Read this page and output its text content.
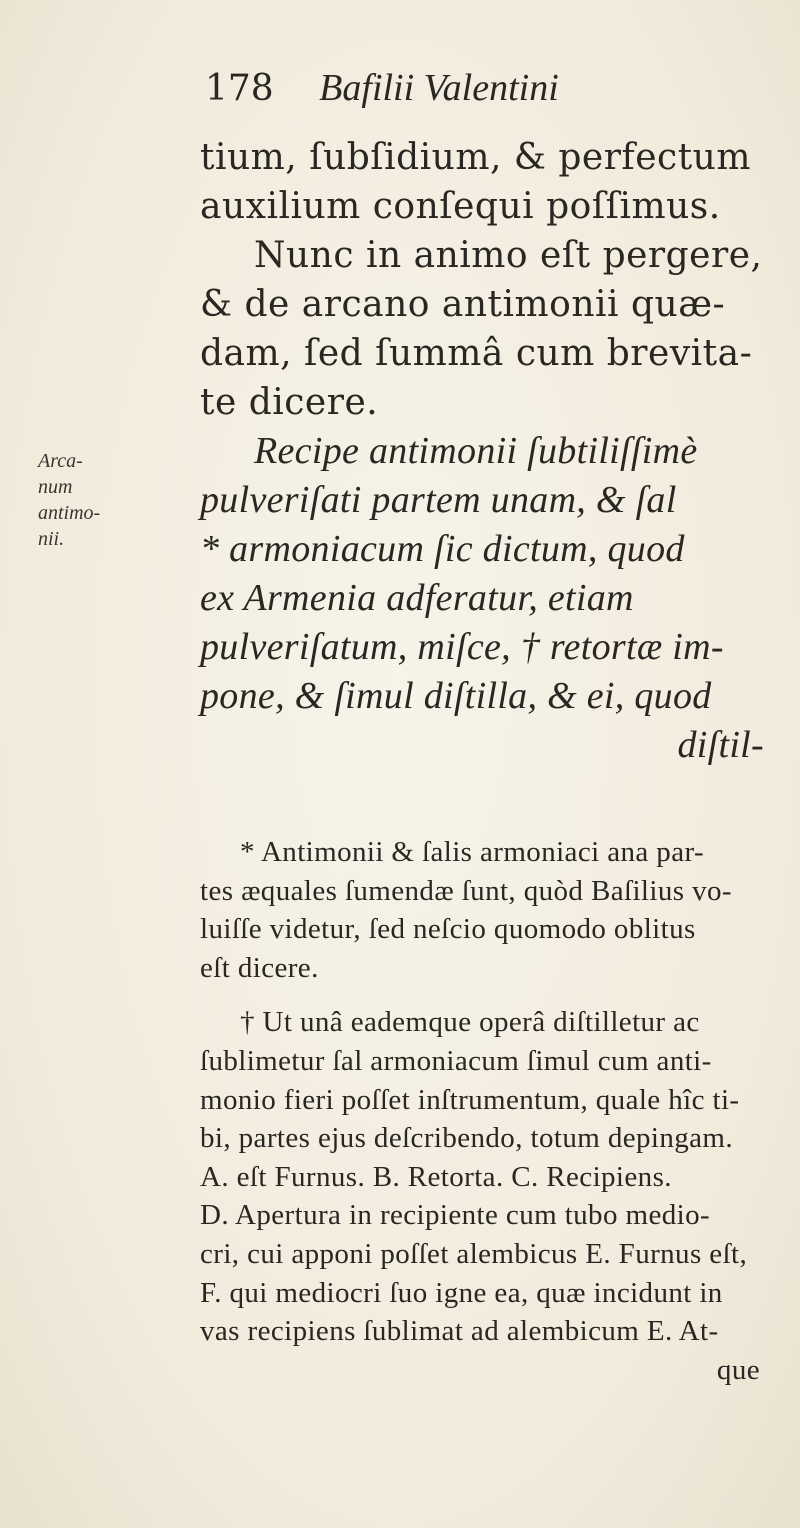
178 Bafilii Valentini
tium, ſubſidium, & perfectum
auxilium conſequi poſſimus.
Nunc in animo eſt pergere,
& de arcano antimonii quæ-
dam, ſed ſummâ cum brevita-
te dicere.
Recipe antimonii ſubtiliſſimè
pulveriſati partem unam, & ſal
* armoniacum ſic dictum, quod
ex Armenia adferatur, etiam
pulveriſatum, miſce, † retortæ im-
pone, & ſimul diſtilla, & ei, quod
diſtil-
Arca-
num
antimo-
nii.
* Antimonii & ſalis armoniaci ana par-
tes æquales ſumendæ ſunt, quòd Baſilius vo-
luiſſe videtur, ſed neſcio quomodo oblitus
eſt dicere.
† Ut unâ eademque operâ diſtilletur ac
ſublimetur ſal armoniacum ſimul cum anti-
monio fieri poſſet inſtrumentum, quale hîc ti-
bi, partes ejus deſcribendo, totum depingam.
A. eſt Furnus. B. Retorta. C. Recipiens.
D. Apertura in recipiente cum tubo medio-
cri, cui apponi poſſet alembicus E. Furnus eſt,
F. qui mediocri ſuo igne ea, quæ incidunt in
vas recipiens ſublimat ad alembicum E. At-
que
